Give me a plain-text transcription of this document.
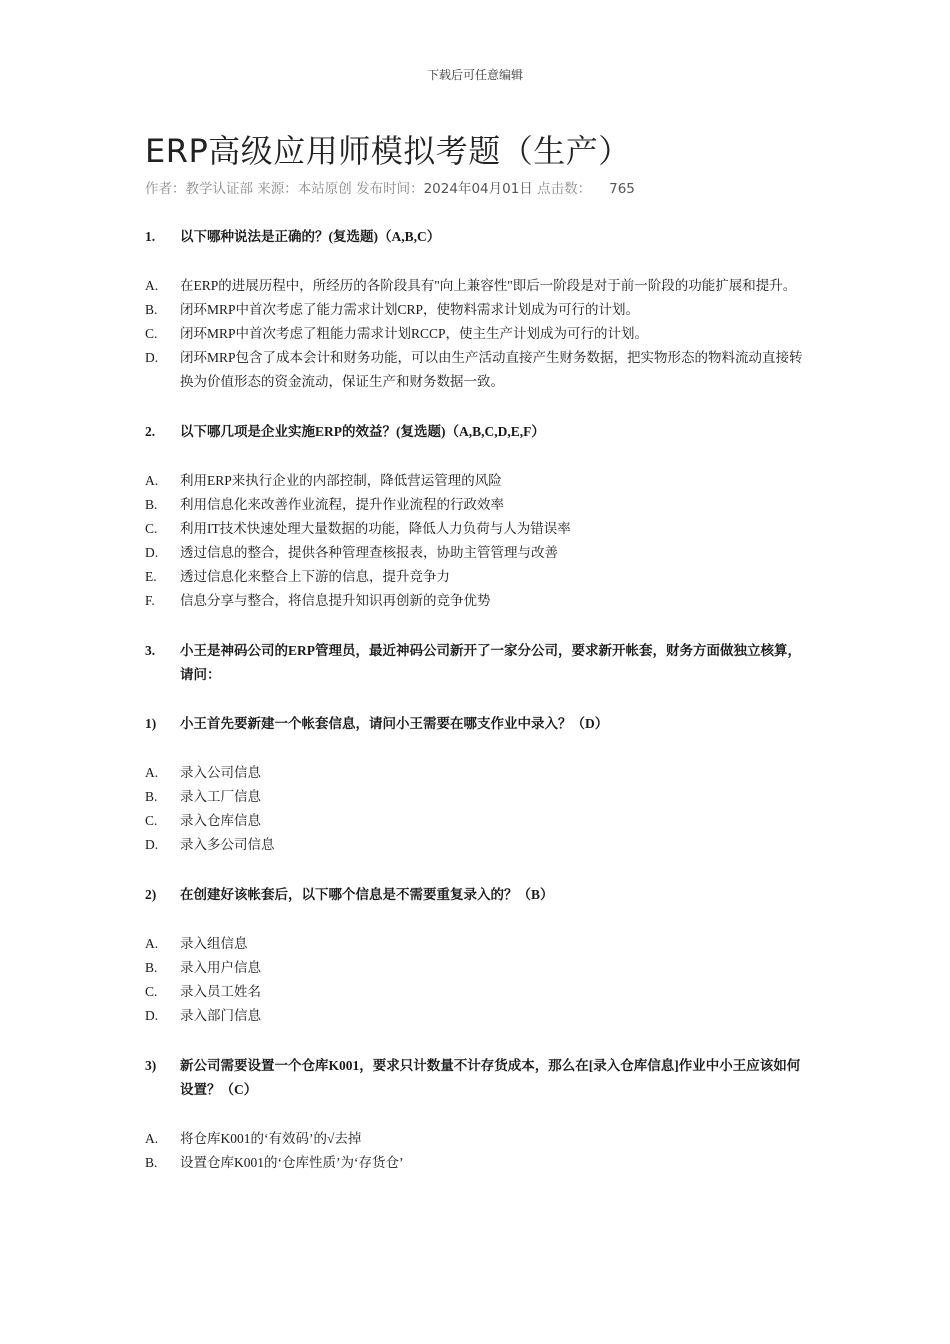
下载后可任意编辑
ERP高级应用师模拟考题（生产）
作者：教学认证部 来源：本站原创 发布时间：2024年04月01日 点击数： 765
1.	以下哪种说法是正确的？(复选题)（A,B,C）
A.	在ERP的进展历程中，所经历的各阶段具有"向上兼容性"即后一阶段是对于前一阶段的功能扩展和提升。
B.	闭环MRP中首次考虑了能力需求计划CRP，使物料需求计划成为可行的计划。
C.	闭环MRP中首次考虑了粗能力需求计划RCCP，使主生产计划成为可行的计划。
D.	闭环MRP包含了成本会计和财务功能，可以由生产活动直接产生财务数据，把实物形态的物料流动直接转换为价值形态的资金流动，保证生产和财务数据一致。
2.	以下哪几项是企业实施ERP的效益？(复选题)（A,B,C,D,E,F）
A.	利用ERP来执行企业的内部控制，降低营运管理的风险
B.	利用信息化来改善作业流程，提升作业流程的行政效率
C.	利用IT技术快速处理大量数据的功能，降低人力负荷与人为错误率
D.	透过信息的整合，提供各种管理查核报表，协助主管管理与改善
E.	透过信息化来整合上下游的信息，提升竞争力
F.	信息分享与整合，将信息提升知识再创新的竞争优势
3.	小王是神码公司的ERP管理员，最近神码公司新开了一家分公司，要求新开帐套，财务方面做独立核算，请问：
1)	小王首先要新建一个帐套信息，请问小王需要在哪支作业中录入？（D）
A.	录入公司信息
B.	录入工厂信息
C.	录入仓库信息
D.	录入多公司信息
2)	在创建好该帐套后，以下哪个信息是不需要重复录入的？（B）
A.	录入组信息
B.	录入用户信息
C.	录入员工姓名
D.	录入部门信息
3)	新公司需要设置一个仓库K001，要求只计数量不计存货成本，那么在[录入仓库信息]作业中小王应该如何设置？（C）
A.	将仓库K001的‘有效码’的√去掉
B.	设置仓库K001的‘仓库性质’为‘存货仓’
